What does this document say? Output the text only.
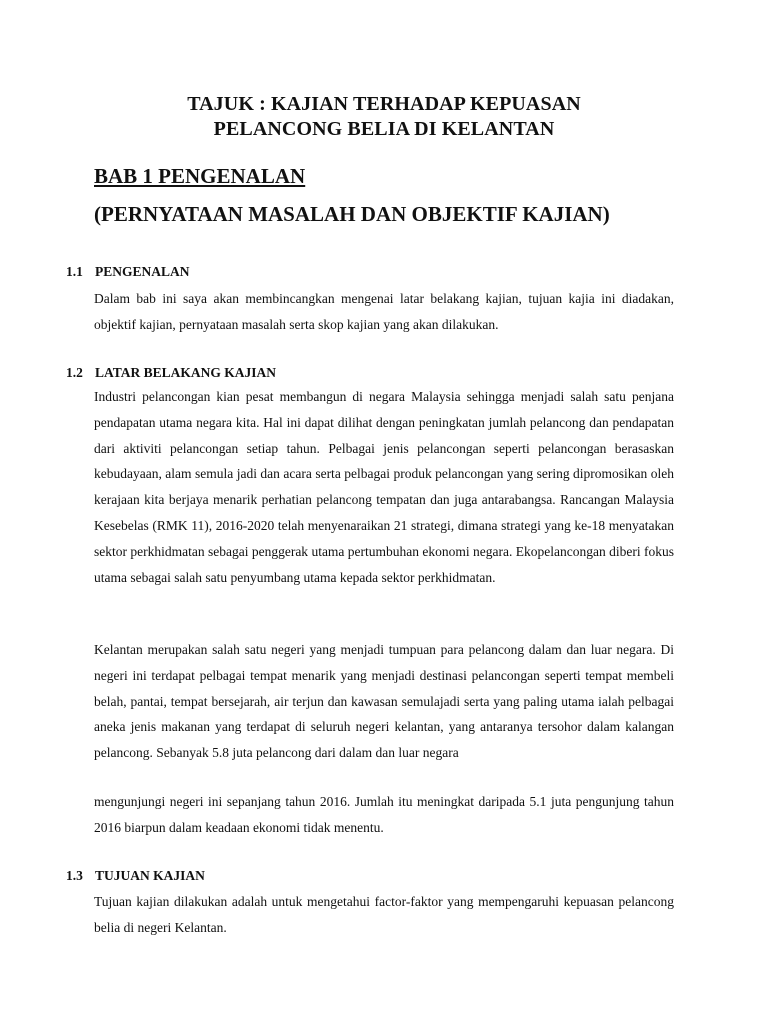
TAJUK : KAJIAN TERHADAP KEPUASAN
PELANCONG BELIA DI KELANTAN
BAB 1 PENGENALAN
(PERNYATAAN MASALAH DAN OBJEKTIF KAJIAN)
1.1 PENGENALAN
Dalam bab ini saya akan membincangkan mengenai latar belakang kajian, tujuan kajia ini diadakan, objektif kajian, pernyataan masalah serta skop kajian yang akan dilakukan.
1.2 LATAR BELAKANG KAJIAN
Industri pelancongan kian pesat membangun di negara Malaysia sehingga menjadi salah satu penjana pendapatan utama negara kita. Hal ini dapat dilihat dengan peningkatan jumlah pelancong dan pendapatan dari aktiviti pelancongan setiap tahun. Pelbagai jenis pelancongan seperti pelancongan berasaskan kebudayaan, alam semula jadi dan acara serta pelbagai produk pelancongan yang sering dipromosikan oleh kerajaan kita berjaya menarik perhatian pelancong tempatan dan juga antarabangsa. Rancangan Malaysia Kesebelas (RMK 11), 2016-2020 telah menyenaraikan 21 strategi, dimana strategi yang ke-18 menyatakan sektor perkhidmatan sebagai penggerak utama pertumbuhan ekonomi negara. Ekopelancongan diberi fokus utama sebagai salah satu penyumbang utama kepada sektor perkhidmatan.
Kelantan merupakan salah satu negeri yang menjadi tumpuan para pelancong dalam dan luar negara. Di negeri ini terdapat pelbagai tempat menarik yang menjadi destinasi pelancongan seperti tempat membeli belah, pantai, tempat bersejarah, air terjun dan kawasan semulajadi serta yang paling utama ialah pelbagai aneka jenis makanan yang terdapat di seluruh negeri kelantan, yang antaranya tersohor dalam kalangan pelancong. Sebanyak 5.8 juta pelancong dari dalam dan luar negara
mengunjungi negeri ini sepanjang tahun 2016. Jumlah itu meningkat daripada 5.1 juta pengunjung tahun 2016 biarpun dalam keadaan ekonomi tidak menentu.
1.3 TUJUAN KAJIAN
Tujuan kajian dilakukan adalah untuk mengetahui factor-faktor yang mempengaruhi kepuasan pelancong belia di negeri Kelantan.
